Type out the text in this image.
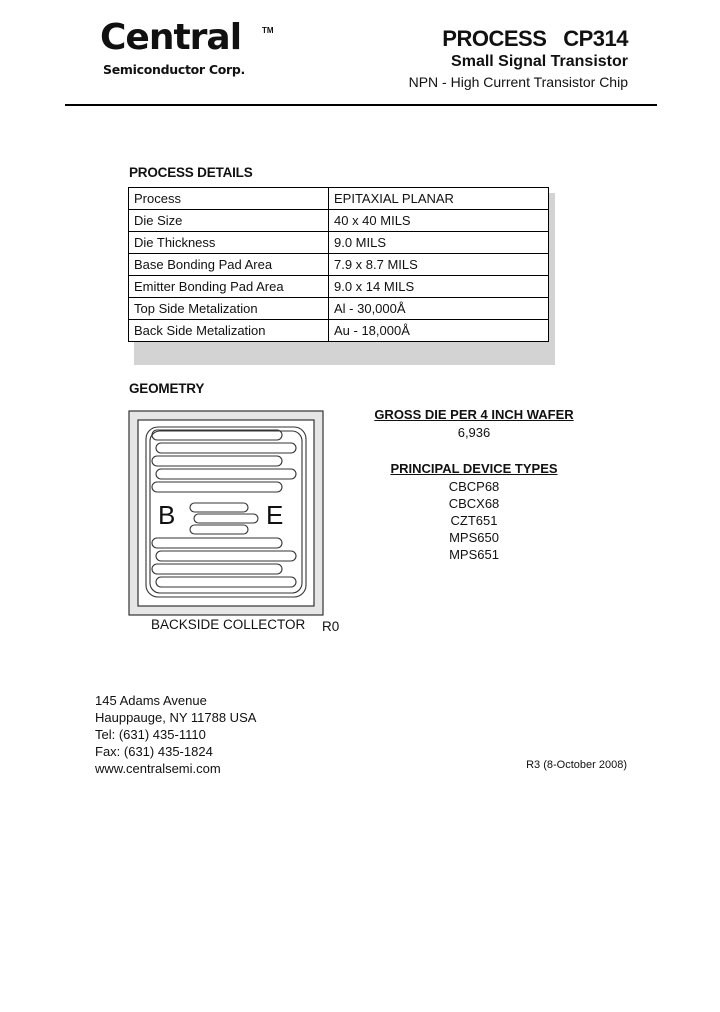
Central	TM
Semiconductor Corp.
PROCESS CP314
Small Signal Transistor
NPN - High Current Transistor Chip
PROCESS DETAILS
Process	EPITAXIAL PLANAR
Die Size	40 x 40 MILS
Die Thickness	9.0 MILS
Base Bonding Pad Area	7.9 x 8.7 MILS
Emitter Bonding Pad Area	9.0 x 14 MILS
Top Side Metalization	Al - 30,000Å
Back Side Metalization	Au - 18,000Å
GEOMETRY
B	E
BACKSIDE COLLECTOR R0
GROSS DIE PER 4 INCH WAFER
6,936
PRINCIPAL DEVICE TYPES
CBCP68
CBCX68
CZT651
MPS650
MPS651
145 Adams Avenue
Hauppauge, NY 11788 USA
Tel: (631) 435-1110
Fax: (631) 435-1824
www.centralsemi.com	R3 (8-October 2008)
